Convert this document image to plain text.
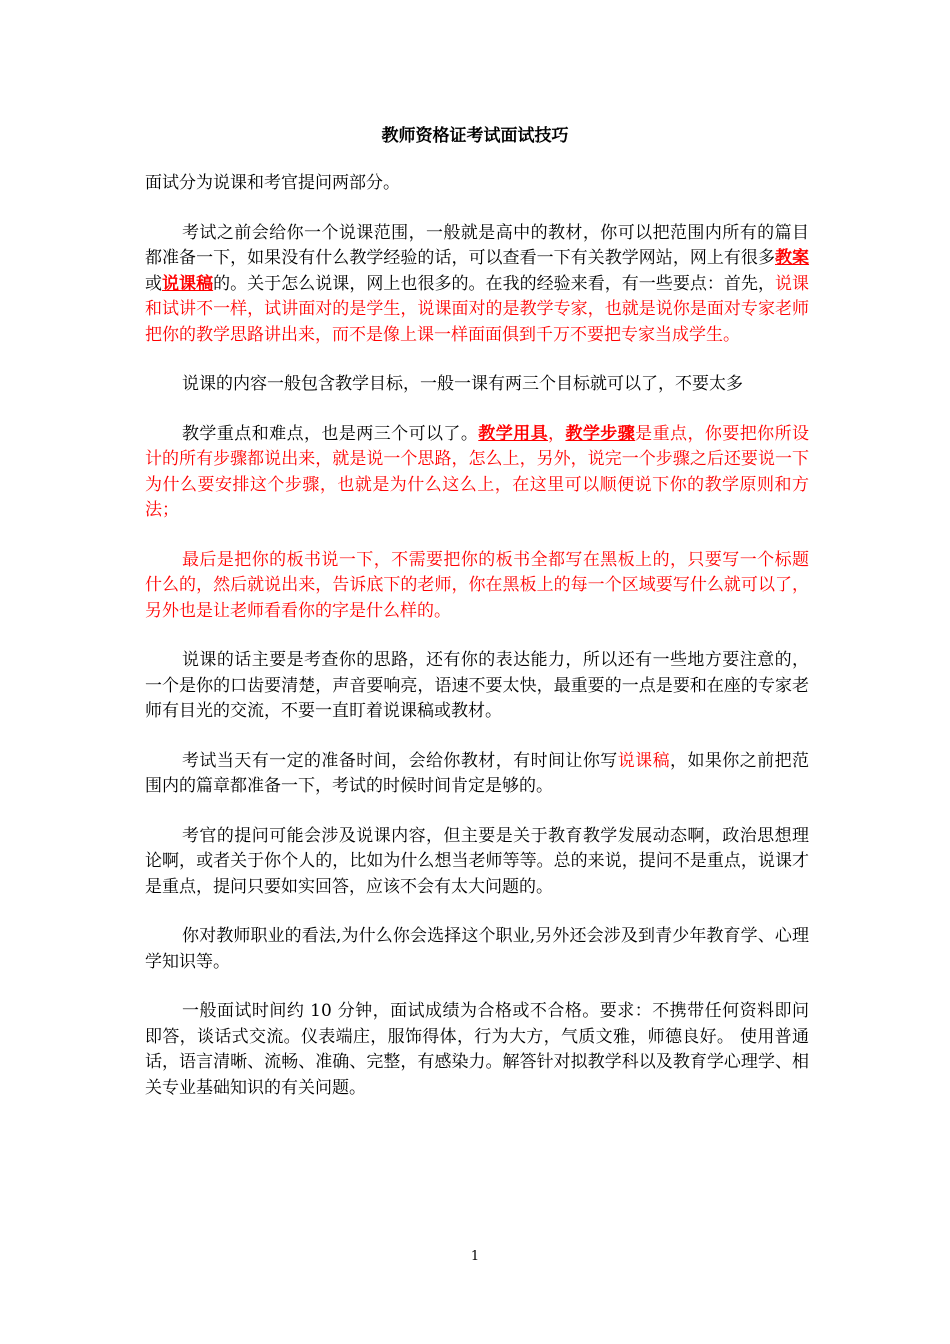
教师资格证考试面试技巧

面试分为说课和考官提问两部分。

考试之前会给你一个说课范围，一般就是高中的教材，你可以把范围内所有的篇目都准备一下，如果没有什么教学经验的话，可以查看一下有关教学网站，网上有很多教案或说课稿的。关于怎么说课，网上也很多的。在我的经验来看，有一些要点：首先，说课和试讲不一样，试讲面对的是学生，说课面对的是教学专家，也就是说你是面对专家老师把你的教学思路讲出来，而不是像上课一样面面俱到千万不要把专家当成学生。

说课的内容一般包含教学目标，一般一课有两三个目标就可以了，不要太多

教学重点和难点，也是两三个可以了。教学用具，教学步骤是重点，你要把你所设计的所有步骤都说出来，就是说一个思路，怎么上，另外，说完一个步骤之后还要说一下为什么要安排这个步骤，也就是为什么这么上，在这里可以顺便说下你的教学原则和方法；

最后是把你的板书说一下，不需要把你的板书全都写在黑板上的，只要写一个标题什么的，然后就说出来，告诉底下的老师，你在黑板上的每一个区域要写什么就可以了，另外也是让老师看看你的字是什么样的。

说课的话主要是考查你的思路，还有你的表达能力，所以还有一些地方要注意的，一个是你的口齿要清楚，声音要响亮，语速不要太快，最重要的一点是要和在座的专家老师有目光的交流，不要一直盯着说课稿或教材。

考试当天有一定的准备时间，会给你教材，有时间让你写说课稿，如果你之前把范围内的篇章都准备一下，考试的时候时间肯定是够的。

考官的提问可能会涉及说课内容，但主要是关于教育教学发展动态啊，政治思想理论啊，或者关于你个人的，比如为什么想当老师等等。总的来说，提问不是重点，说课才是重点，提问只要如实回答，应该不会有太大问题的。

你对教师职业的看法,为什么你会选择这个职业,另外还会涉及到青少年教育学、心理学知识等。

一般面试时间约 10 分钟，面试成绩为合格或不合格。要求：不携带任何资料即问即答，谈话式交流。仪表端庄，服饰得体，行为大方，气质文雅，师德良好。 使用普通话，语言清晰、流畅、准确、完整，有感染力。解答针对拟教学科以及教育学心理学、相关专业基础知识的有关问题。

1
